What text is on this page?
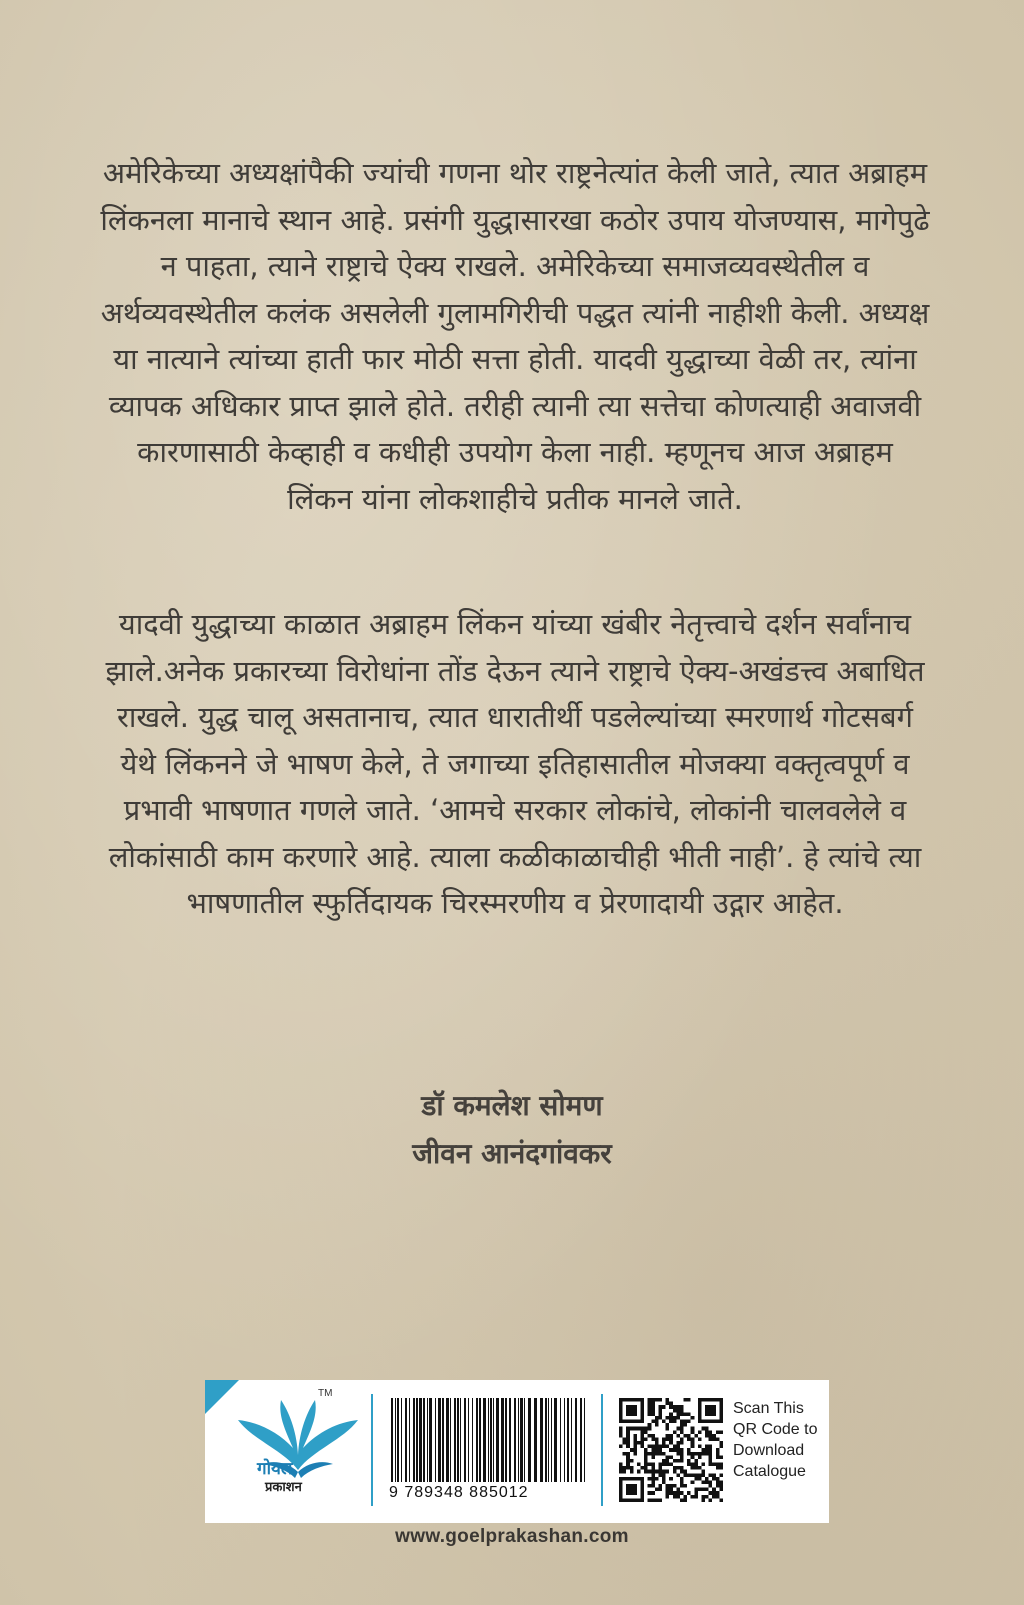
अमेरिकेच्या अध्यक्षांपैकी ज्यांची गणना थोर राष्ट्रनेत्यांत केली जाते, त्यात अब्राहम लिंकनला मानाचे स्थान आहे. प्रसंगी युद्धासारखा कठोर उपाय योजण्यास, मागेपुढे न पाहता, त्याने राष्ट्राचे ऐक्य राखले. अमेरिकेच्या समाजव्यवस्थेतील व अर्थव्यवस्थेतील कलंक असलेली गुलामगिरीची पद्धत त्यांनी नाहीशी केली. अध्यक्ष या नात्याने त्यांच्या हाती फार मोठी सत्ता होती. यादवी युद्धाच्या वेळी तर, त्यांना व्यापक अधिकार प्राप्त झाले होते. तरीही त्यानी त्या सत्तेचा कोणत्याही अवाजवी कारणासाठी केव्हाही व कधीही उपयोग केला नाही. म्हणूनच आज अब्राहम लिंकन यांना लोकशाहीचे प्रतीक मानले जाते.

यादवी युद्धाच्या काळात अब्राहम लिंकन यांच्या खंबीर नेतृत्त्वाचे दर्शन सर्वांनाच झाले.अनेक प्रकारच्या विरोधांना तोंड देऊन त्याने राष्ट्राचे ऐक्य-अखंडत्त्व अबाधित राखले. युद्ध चालू असतानाच, त्यात धारातीर्थी पडलेल्यांच्या स्मरणार्थ गोटसबर्ग येथे लिंकनने जे भाषण केले, ते जगाच्या इतिहासातील मोजक्या वक्तृत्वपूर्ण व प्रभावी भाषणात गणले जाते. ‘आमचे सरकार लोकांचे, लोकांनी चालवलेले व लोकांसाठी काम करणारे आहे. त्याला कळीकाळाचीही भीती नाही’. हे त्यांचे त्या भाषणातील स्फुर्तिदायक चिरस्मरणीय व प्रेरणादायी उद्गार आहेत.

डॉ कमलेश सोमण
जीवन आनंदगांवकर
TM
गोयल
प्रकाशन	9 789348 885012
Scan This
QR Code to
Download
Catalogue
www.goelprakashan.com
